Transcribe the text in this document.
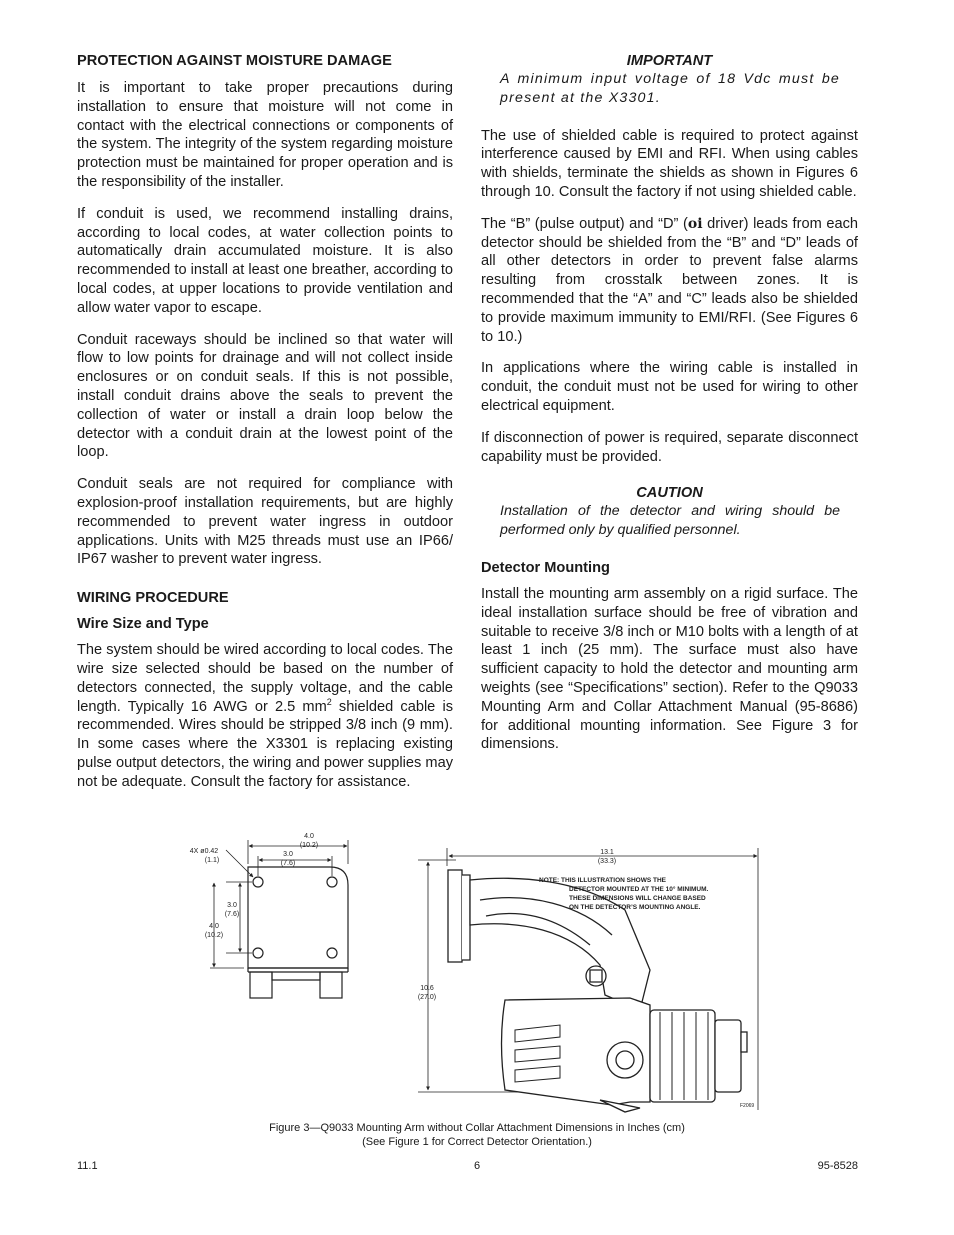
PROTECTION AGAINST MOISTURE DAMAGE

It is important to take proper precautions during installation to ensure that moisture will not come in contact with the electrical connections or components of the system. The integrity of the system regarding moisture protection must be maintained for proper operation and is the responsibility of the installer.

If conduit is used, we recommend installing drains, according to local codes, at water collection points to automatically drain accumulated moisture. It is also recommended to install at least one breather, according to local codes, at upper locations to provide ventilation and allow water vapor to escape.

Conduit raceways should be inclined so that water will flow to low points for drainage and will not collect inside enclosures or on conduit seals. If this is not possible, install conduit drains above the seals to prevent the collection of water or install a drain loop below the detector with a conduit drain at the lowest point of the loop.

Conduit seals are not required for compliance with explosion-proof installation requirements, but are highly recommended to prevent water ingress in outdoor applications. Units with M25 threads must use an IP66/ IP67 washer to prevent water ingress.

WIRING PROCEDURE
Wire Size and Type

The system should be wired according to local codes. The wire size selected should be based on the number of detectors connected, the supply voltage, and the cable length. Typically 16 AWG or 2.5 $mm^2$ shielded cable is recommended. Wires should be stripped 3/8 inch (9 mm). In some cases where the X3301 is replacing existing pulse output detectors, the wiring and power supplies may not be adequate. Consult the factory for assistance.

IMPORTANT
A minimum input voltage of 18 Vdc must be present at the X3301.

The use of shielded cable is required to protect against interference caused by EMI and RFI. When using cables with shields, terminate the shields as shown in Figures 6 through 10. Consult the factory if not using shielded cable.

The “B” (pulse output) and “D” (oi driver) leads from each detector should be shielded from the “B” and “D” leads of all other detectors in order to prevent false alarms resulting from crosstalk between zones. It is recommended that the “A” and “C” leads also be shielded to provide maximum immunity to EMI/RFI. (See Figures 6 to 10.)

In applications where the wiring cable is installed in conduit, the conduit must not be used for wiring to other electrical equipment.

If disconnection of power is required, separate disconnect capability must be provided.

CAUTION
Installation of the detector and wiring should be performed only by qualified personnel.
Detector Mounting

Install the mounting arm assembly on a rigid surface. The ideal installation surface should be free of vibration and suitable to receive 3/8 inch or M10 bolts with a length of at least 1 inch (25 mm). The surface must also have sufficient capacity to hold the detector and mounting arm weights (see “Specifications” section). Refer to the Q9033 Mounting Arm and Collar Attachment Manual (95-8686) for additional mounting information. See Figure 3 for dimensions.

4X ø0.42
(1.1)
4.0
(10.2)
3.0
(7.6)
3.0
(7.6)
4.0
(10.2)
13.1
(33.3)
10.6
(27.0)
NOTE: THIS ILLUSTRATION SHOWS THE
DETECTOR MOUNTED AT THE 10° MINIMUM.
THESE DIMENSIONS WILL CHANGE BASED
ON THE DETECTOR’S MOUNTING ANGLE.
F2069
Figure 3—Q9033 Mounting Arm without Collar Attachment Dimensions in Inches (cm)
(See Figure 1 for Correct Detector Orientation.)
11.1	6	95-8528
